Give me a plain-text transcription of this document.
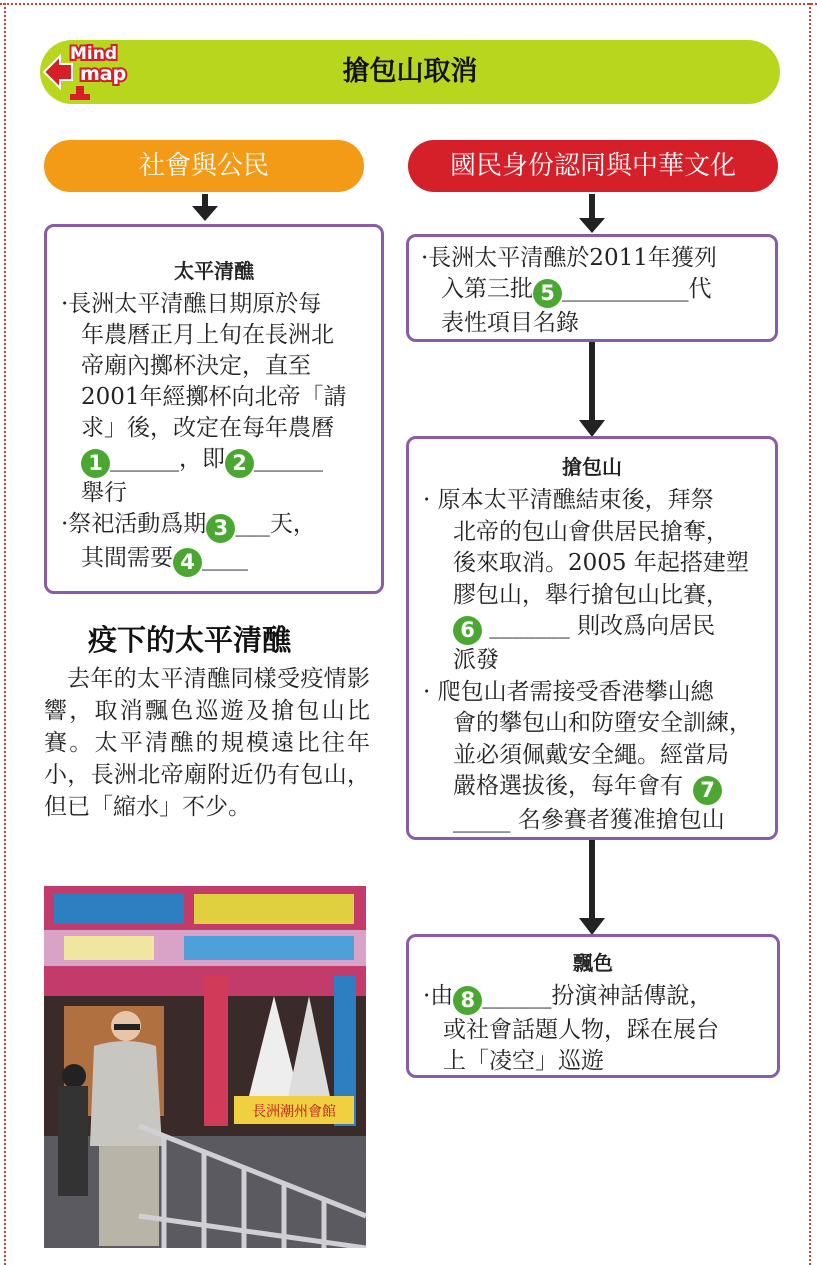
搶包山取消
Mind
map
社會與公民	國民身份認同與中華文化
太平清醮
·長洲太平清醮日期原於每
年農曆正月上旬在長洲北
帝廟內擲杯決定，直至
2001年經擲杯向北帝「請
求」後，改定在每年農曆
1 ______，即 2 ______
舉行
·祭祀活動爲期 3 ___天，
其間需要 4 ____
疫下的太平清醮
去年的太平清醮同樣受疫情影響，取消飄色巡遊及搶包山比賽。太平清醮的規模遠比往年小，長洲北帝廟附近仍有包山，但已「縮水」不少。
長洲潮州會館
·長洲太平清醮於2011年獲列
入第三批 5 ___________代
表性項目名錄
搶包山
· 原本太平清醮結束後，拜祭
北帝的包山會供居民搶奪，
後來取消。2005 年起搭建塑
膠包山，舉行搶包山比賽，
6 _______ 則改爲向居民
派發
· 爬包山者需接受香港攀山總
會的攀包山和防墮安全訓練，
並必須佩戴安全繩。經當局
嚴格選拔後，每年會有 7
_____ 名參賽者獲准搶包山
飄色
·由 8 ______扮演神話傳說，
或社會話題人物，踩在展台
上「凌空」巡遊
